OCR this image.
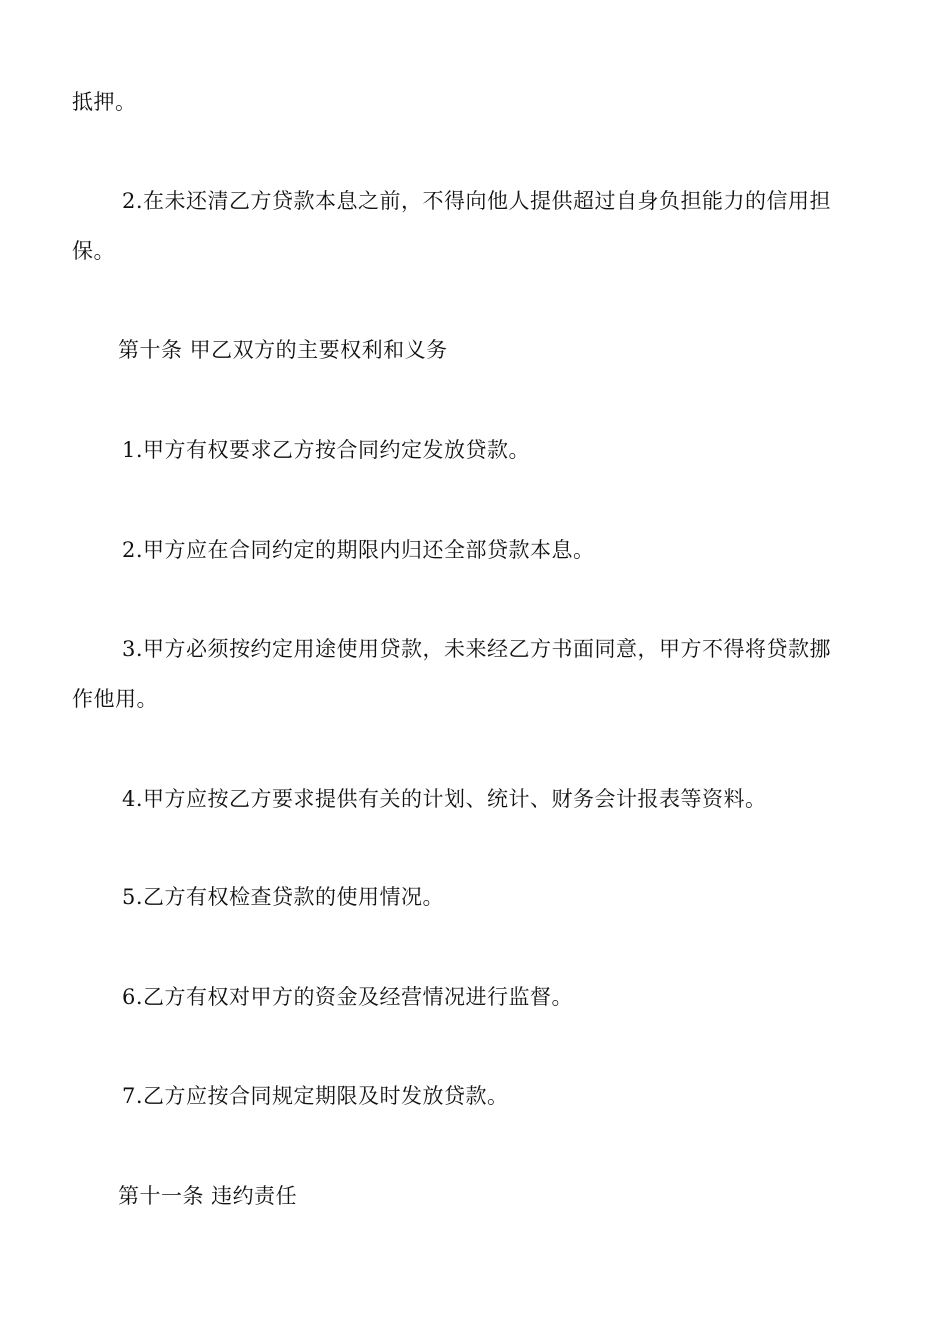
抵押。
2.在未还清乙方贷款本息之前，不得向他人提供超过自身负担能力的信用担
保。
第十条 甲乙双方的主要权利和义务
1.甲方有权要求乙方按合同约定发放贷款。
2.甲方应在合同约定的期限内归还全部贷款本息。
3.甲方必须按约定用途使用贷款，未来经乙方书面同意，甲方不得将贷款挪
作他用。
4.甲方应按乙方要求提供有关的计划、统计、财务会计报表等资料。
5.乙方有权检查贷款的使用情况。
6.乙方有权对甲方的资金及经营情况进行监督。
7.乙方应按合同规定期限及时发放贷款。
第十一条 违约责任
